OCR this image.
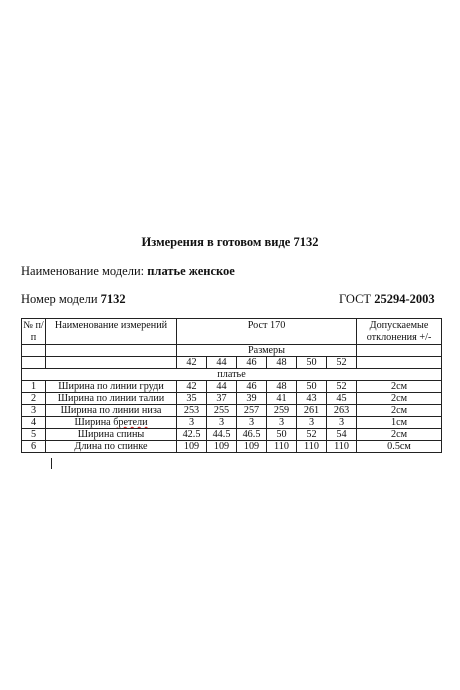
Измерения в готовом виде 7132
Наименование модели: платье женское
Номер модели 7132	ГОСТ 25294-2003
№ п/п	Наименование измерений	Рост 170						Допускаемые отклонения +/-
		Размеры						
		42	44	46	48	50	52	
платье								
1	Ширина по линии груди	42	44	46	48	50	52	2см
2	Ширина по линии талии	35	37	39	41	43	45	2см
3	Ширина по линии низа	253	255	257	259	261	263	2см
4	Ширина бретели	3	3	3	3	3	3	1см
5	Ширина спины	42.5	44.5	46.5	50	52	54	2см
6	Длина по спинке	109	109	109	110	110	110	0.5см
